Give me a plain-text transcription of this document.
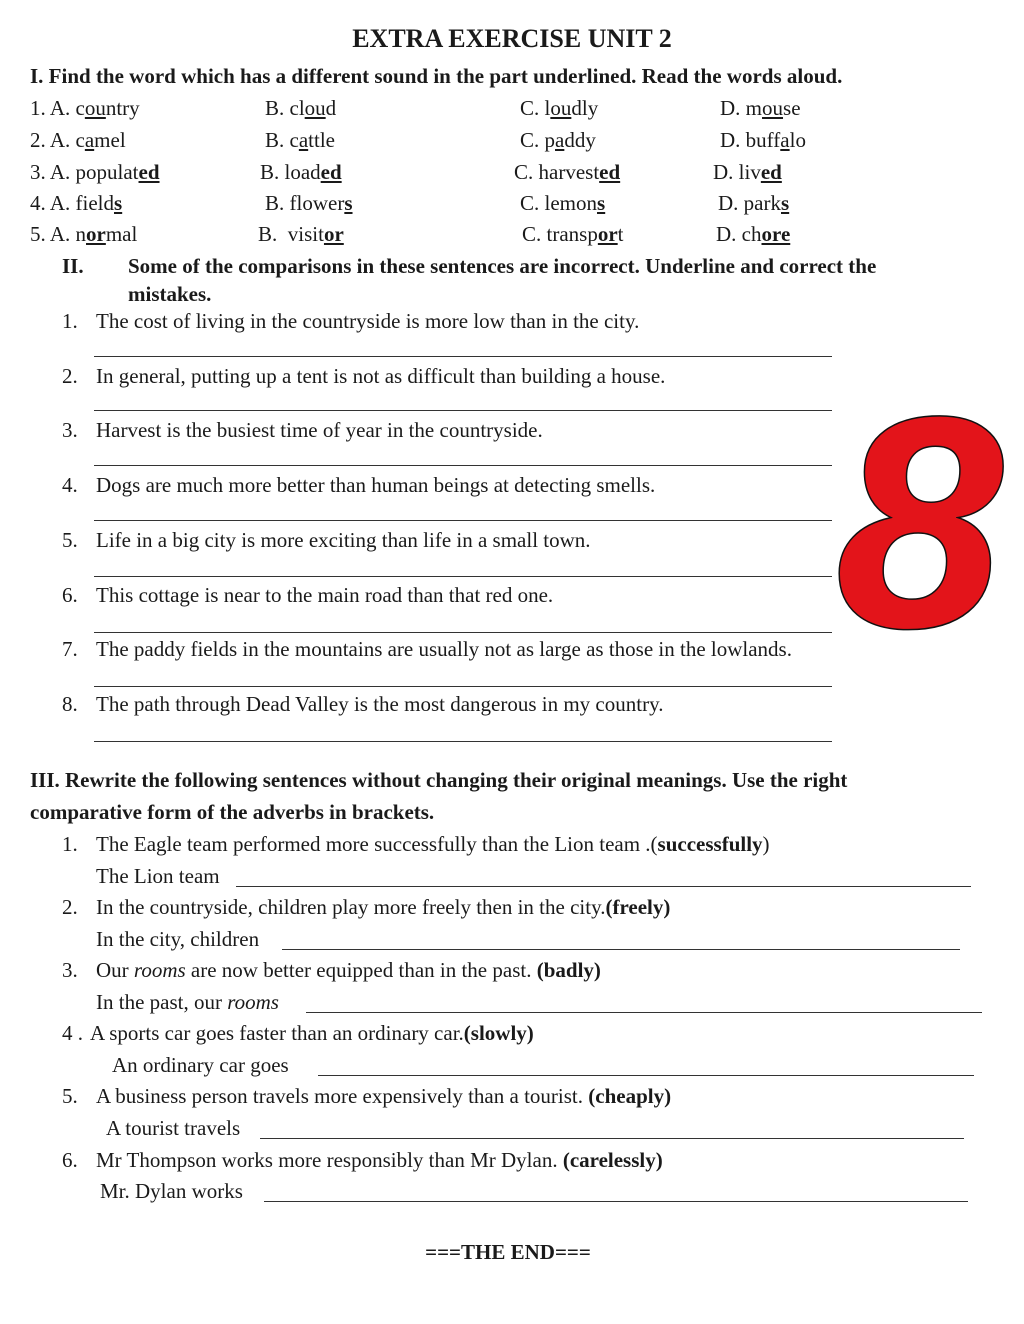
EXTRA EXERCISE UNIT 2
I. Find the word which has a different sound in the part underlined. Read the words aloud.
1. A. country	B. cloud	C. loudly	D. mouse
2. A. camel	B. cattle	C. paddy	D. buffalo
3. A. populated	B. loaded	C. harvested	D. lived
4. A. fields	B. flowers	C. lemons	D. parks
5. A. normal	B. visitor	C. transport	D. chore
II. Some of the comparisons in these sentences are incorrect. Underline and correct the
mistakes.
1. The cost of living in the countryside is more low than in the city.
2. In general, putting up a tent is not as difficult than building a house.
3. Harvest is the busiest time of year in the countryside.
4. Dogs are much more better than human beings at detecting smells.
5. Life in a big city is more exciting than life in a small town.
6. This cottage is near to the main road than that red one.
7. The paddy fields in the mountains are usually not as large as those in the lowlands.
8. The path through Dead Valley is the most dangerous in my country.
8
III. Rewrite the following sentences without changing their original meanings. Use the right
comparative form of the adverbs in brackets.
1. The Eagle team performed more successfully than the Lion team .(successfully)
The Lion team
2. In the countryside, children play more freely then in the city.(freely)
In the city, children
3. Our rooms are now better equipped than in the past. (badly)
In the past, our rooms
4 . A sports car goes faster than an ordinary car.(slowly)
An ordinary car goes
5. A business person travels more expensively than a tourist. (cheaply)
A tourist travels
6. Mr Thompson works more responsibly than Mr Dylan. (carelessly)
Mr. Dylan works
===THE END===
